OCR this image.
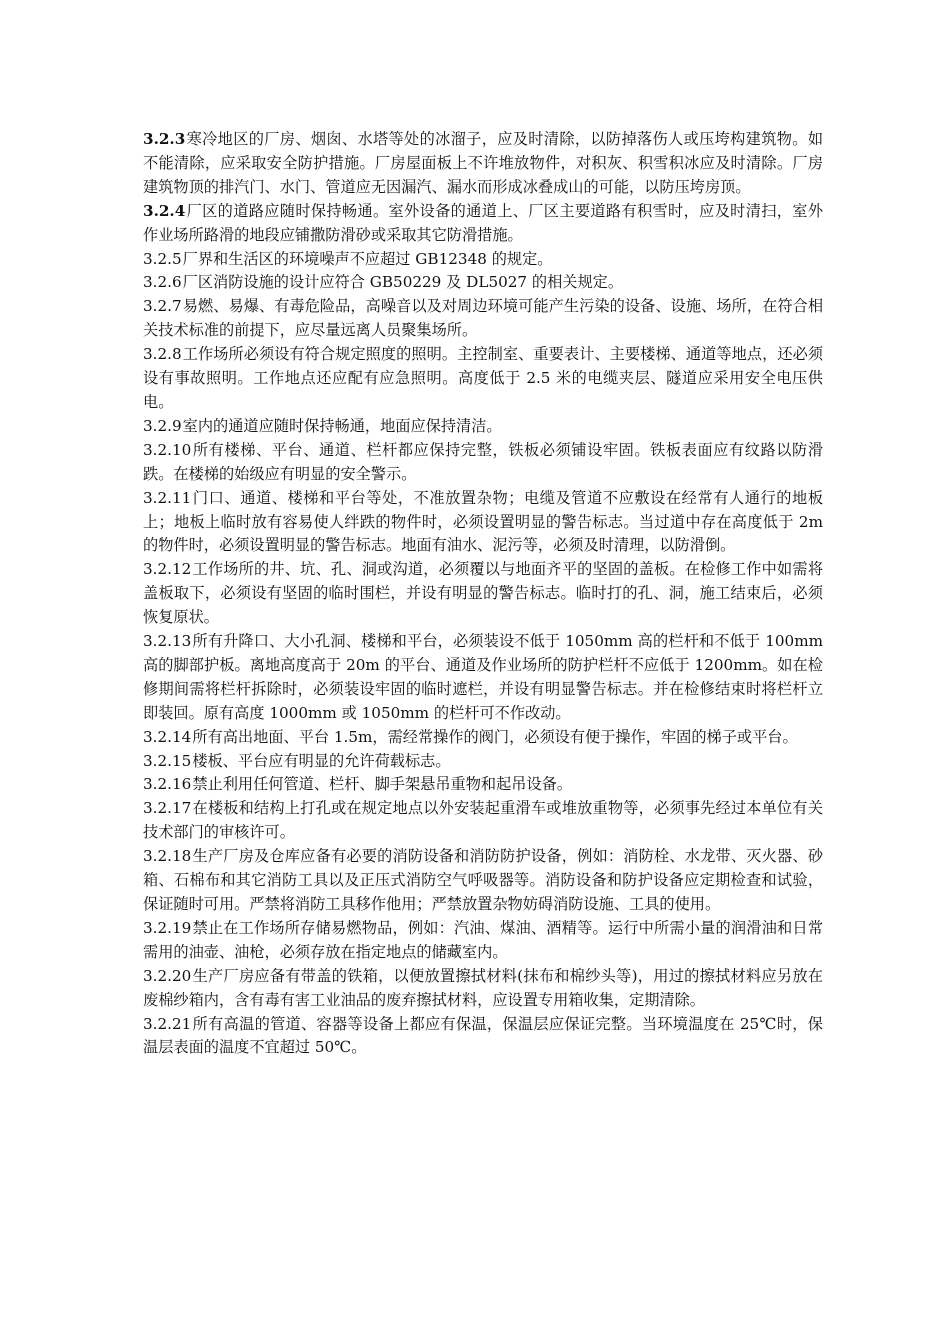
3.2.3寒冷地区的厂房、烟囱、水塔等处的冰溜子，应及时清除，以防掉落伤人或压垮构建筑物。如不能清除，应采取安全防护措施。厂房屋面板上不许堆放物件，对积灰、积雪积冰应及时清除。厂房建筑物顶的排汽门、水门、管道应无因漏汽、漏水而形成冰叠成山的可能，以防压垮房顶。

3.2.4厂区的道路应随时保持畅通。室外设备的通道上、厂区主要道路有积雪时，应及时清扫，室外作业场所路滑的地段应铺撒防滑砂或采取其它防滑措施。

3.2.5厂界和生活区的环境噪声不应超过 GB12348 的规定。

3.2.6厂区消防设施的设计应符合 GB50229 及 DL5027 的相关规定。

3.2.7易燃、易爆、有毒危险品，高噪音以及对周边环境可能产生污染的设备、设施、场所，在符合相关技术标准的前提下，应尽量远离人员聚集场所。

3.2.8工作场所必须设有符合规定照度的照明。主控制室、重要表计、主要楼梯、通道等地点，还必须设有事故照明。工作地点还应配有应急照明。高度低于 2.5 米的电缆夹层、隧道应采用安全电压供电。

3.2.9室内的通道应随时保持畅通，地面应保持清洁。

3.2.10所有楼梯、平台、通道、栏杆都应保持完整，铁板必须铺设牢固。铁板表面应有纹路以防滑跌。在楼梯的始级应有明显的安全警示。

3.2.11门口、通道、楼梯和平台等处，不准放置杂物；电缆及管道不应敷设在经常有人通行的地板上；地板上临时放有容易使人绊跌的物件时，必须设置明显的警告标志。当过道中存在高度低于 2m 的物件时，必须设置明显的警告标志。地面有油水、泥污等，必须及时清理，以防滑倒。

3.2.12工作场所的井、坑、孔、洞或沟道，必须覆以与地面齐平的坚固的盖板。在检修工作中如需将盖板取下，必须设有坚固的临时围栏，并设有明显的警告标志。临时打的孔、洞，施工结束后，必须恢复原状。

3.2.13所有升降口、大小孔洞、楼梯和平台，必须装设不低于 1050mm 高的栏杆和不低于 100mm 高的脚部护板。离地高度高于 20m 的平台、通道及作业场所的防护栏杆不应低于 1200mm。如在检修期间需将栏杆拆除时，必须装设牢固的临时遮栏，并设有明显警告标志。并在检修结束时将栏杆立即装回。原有高度 1000mm 或 1050mm 的栏杆可不作改动。

3.2.14所有高出地面、平台 1.5m，需经常操作的阀门，必须设有便于操作，牢固的梯子或平台。

3.2.15楼板、平台应有明显的允许荷载标志。

3.2.16禁止利用任何管道、栏杆、脚手架悬吊重物和起吊设备。

3.2.17在楼板和结构上打孔或在规定地点以外安装起重滑车或堆放重物等，必须事先经过本单位有关技术部门的审核许可。

3.2.18生产厂房及仓库应备有必要的消防设备和消防防护设备，例如：消防栓、水龙带、灭火器、砂箱、石棉布和其它消防工具以及正压式消防空气呼吸器等。消防设备和防护设备应定期检查和试验，保证随时可用。严禁将消防工具移作他用；严禁放置杂物妨碍消防设施、工具的使用。

3.2.19禁止在工作场所存储易燃物品，例如：汽油、煤油、酒精等。运行中所需小量的润滑油和日常需用的油壶、油枪，必须存放在指定地点的储藏室内。

3.2.20生产厂房应备有带盖的铁箱，以便放置擦拭材料(抹布和棉纱头等)，用过的擦拭材料应另放在废棉纱箱内，含有毒有害工业油品的废弃擦拭材料，应设置专用箱收集，定期清除。

3.2.21所有高温的管道、容器等设备上都应有保温，保温层应保证完整。当环境温度在 25℃时，保温层表面的温度不宜超过 50℃。
